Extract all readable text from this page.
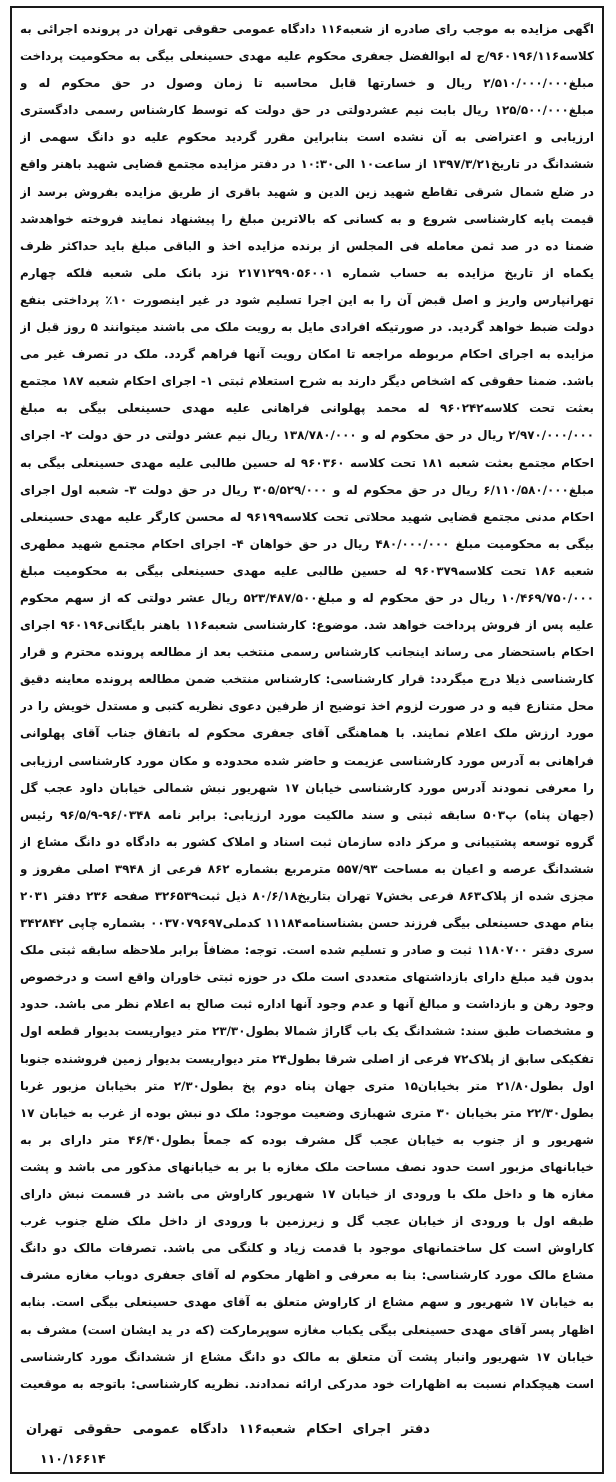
اگهی مزایده به موجب رای صادره از شعبه۱۱۶ دادگاه عمومی حقوقی تهران در پرونده اجرائی به کلاسه۹۶۰۱۹۶/۱۱۶/ج له ابوالفضل جعفری محکوم علیه مهدی حسینعلی بیگی به محکومیت پرداخت مبلغ۲/۵۱۰/۰۰۰/۰۰۰ ریال و خسارتها قابل محاسبه تا زمان وصول در حق محکوم له و مبلغ۱۲۵/۵۰۰/۰۰۰ ریال بابت نیم عشردولتی در حق دولت که توسط کارشناس رسمی دادگستری ارزیابی و اعتراضی به آن نشده است بنابراین مقرر گردید محکوم علیه دو دانگ سهمی از ششدانگ در تاریخ۱۳۹۷/۳/۲۱ از ساعت۱۰ الی۱۰:۳۰ در دفتر مزایده مجتمع قضایی شهید باهنر واقع در ضلع شمال شرقی تقاطع شهید زین الدین و شهید باقری از طریق مزایده بفروش برسد از قیمت پایه کارشناسی شروع و به کسانی که بالاترین مبلغ را پیشنهاد نمایند فروخته خواهدشد ضمنا ده در صد ثمن معامله فی المجلس از برنده مزایده اخذ و الباقی مبلغ باید حداکثر ظرف یکماه از تاریخ مزایده به حساب شماره ۲۱۷۱۲۹۹۰۵۶۰۰۱ نزد بانک ملی شعبه فلکه چهارم تهرانپارس واریز و اصل قبض آن را به این اجرا تسلیم شود در غیر اینصورت ۱۰٪ پرداختی بنفع دولت ضبط خواهد گردید. در صورتیکه افرادی مایل به رویت ملک می باشند میتوانند ۵ روز قبل از مزایده به اجرای احکام مربوطه مراجعه تا امکان رویت آنها فراهم گردد. ملک در تصرف غیر می باشد. ضمنا حقوقی که اشخاص دیگر دارند به شرح استعلام ثبتی ۱- اجرای احکام شعبه ۱۸۷ مجتمع بعثت تحت کلاسه۹۶۰۲۴۲ له محمد پهلوانی فراهانی علیه مهدی حسینعلی بیگی به مبلغ ۲/۹۷۰/۰۰۰/۰۰۰ ریال در حق محکوم له و ۱۳۸/۷۸۰/۰۰۰ ریال نیم عشر دولتی در حق دولت ۲- اجرای احکام مجتمع بعثت شعبه ۱۸۱ تحت کلاسه ۹۶۰۳۶۰ له حسین طالبی علیه مهدی حسینعلی بیگی به مبلغ۶/۱۱۰/۵۸۰/۰۰۰ ریال در حق محکوم له و ۳۰۵/۵۲۹/۰۰۰ ریال در حق دولت ۳- شعبه اول اجرای احکام مدنی مجتمع قضایی شهید محلاتی تحت کلاسه۹۶۱۹۹ له محسن کارگر علیه مهدی حسینعلی بیگی به محکومیت مبلغ ۴۸۰/۰۰۰/۰۰۰ ریال در حق خواهان ۴- اجرای احکام مجتمع شهید مطهری شعبه ۱۸۶ تحت کلاسه۹۶۰۳۷۹ له حسین طالبی علیه مهدی حسینعلی بیگی به محکومیت مبلغ ۱۰/۴۶۹/۷۵۰/۰۰۰ ریال در حق محکوم له و مبلغ۵۲۳/۴۸۷/۵۰۰ ریال عشر دولتی که از سهم محکوم علیه پس از فروش پرداخت خواهد شد. موضوع: کارشناسی شعبه۱۱۶ باهنر بایگانی۹۶۰۱۹۶ اجرای احکام باستحضار می رساند اینجانب کارشناس رسمی منتخب بعد از مطالعه پرونده محترم و قرار کارشناسی ذیلا درج میگردد: قرار کارشناسی: کارشناس منتخب ضمن مطالعه پرونده معاینه دقیق محل متنازع فیه و در صورت لزوم اخذ توضیح از طرفین دعوی نظریه کتبی و مستدل خویش را در مورد ارزش ملک اعلام نمایند. با هماهنگی آقای جعفری محکوم له باتفاق جناب آقای پهلوانی فراهانی به آدرس مورد کارشناسی عزیمت و حاضر شده محدوده و مکان مورد کارشناسی ارزیابی را معرفی نمودند آدرس مورد کارشناسی خیابان ۱۷ شهریور نبش شمالی خیابان داود عجب گل (جهان پناه) پ۵۰۳ سابقه ثبتی و سند مالکیت مورد ارزیابی: برابر نامه ۹۶/۰۳۴۸-۹۶/۵/۹ رئیس گروه توسعه پشتیبانی و مرکز داده سازمان ثبت اسناد و املاک کشور به دادگاه دو دانگ مشاع از ششدانگ عرصه و اعیان به مساحت ۵۵۷/۹۳ مترمربع بشماره ۸۶۲ فرعی از ۳۹۴۸ اصلی مفروز و مجزی شده از پلاک۸۶۳ فرعی بخش۷ تهران بتاریخ۸۰/۶/۱۸ ذیل ثبت۳۲۶۵۳۹ صفحه ۲۳۶ دفتر ۲۰۳۱ بنام مهدی حسینعلی بیگی فرزند حسن بشناسنامه۱۱۱۸۴ کدملی۰۰۳۷۰۷۹۶۹۷ بشماره چاپی ۳۴۲۸۴۲ سری دفتر ۱۱۸۰۷۰۰ ثبت و صادر و تسلیم شده است. توجه: مضافاً برابر ملاحظه سابقه ثبتی ملک بدون قید مبلغ دارای بازداشتهای متعددی است ملک در حوزه ثبتی خاوران واقع است و درخصوص وجود رهن و بازداشت و مبالغ آنها و عدم وجود آنها اداره ثبت صالح به اعلام نظر می باشد. حدود و مشخصات طبق سند: ششدانگ یک باب گاراژ شمالا بطول۲۳/۳۰ متر دیواریست بدیوار قطعه اول تفکیکی سابق از پلاک۷۲ فرعی از اصلی شرقا بطول۲۴ متر دیواریست بدیوار زمین فروشنده جنوبا اول بطول۲۱/۸۰ متر بخیابان۱۵ متری جهان پناه دوم پخ بطول۲/۳۰ متر بخیابان مزبور غربا بطول۲۲/۳۰ متر بخیابان ۳۰ متری شهبازی وضعیت موجود: ملک دو نبش بوده از غرب به خیابان ۱۷ شهریور و از جنوب به خیابان عجب گل مشرف بوده که جمعاً بطول۴۶/۴۰ متر دارای بر به خیابانهای مزبور است حدود نصف مساحت ملک مغازه با بر به خیابانهای مذکور می باشد و پشت مغازه ها و داخل ملک با ورودی از خیابان ۱۷ شهریور کاراوش می باشد در قسمت نبش دارای طبقه اول با ورودی از خیابان عجب گل و زیرزمین با ورودی از داخل ملک ضلع جنوب غرب کاراوش است کل ساختمانهای موجود با قدمت زیاد و کلنگی می باشد. تصرفات مالک دو دانگ مشاع مالک مورد کارشناسی: بنا به معرفی و اظهار محکوم له آقای جعفری دوباب مغازه مشرف به خیابان ۱۷ شهریور و سهم مشاع از کاراوش متعلق به آقای مهدی حسینعلی بیگی است. بنابه اظهار پسر آقای مهدی حسینعلی بیگی یکباب مغازه سوپرمارکت (که در ید ایشان است) مشرف به خیابان ۱۷ شهریور وانبار پشت آن متعلق به مالک دو دانگ مشاع از ششدانگ مورد کارشناسی است هیچکدام نسبت به اظهارات خود مدرکی ارائه نمدادند. نظریه کارشناسی: باتوجه به موقعیت

دفتر اجرای احکام شعبه۱۱۶ دادگاه عمومی حقوقی تهران
۱۱۰/۱۶۶۱۴
